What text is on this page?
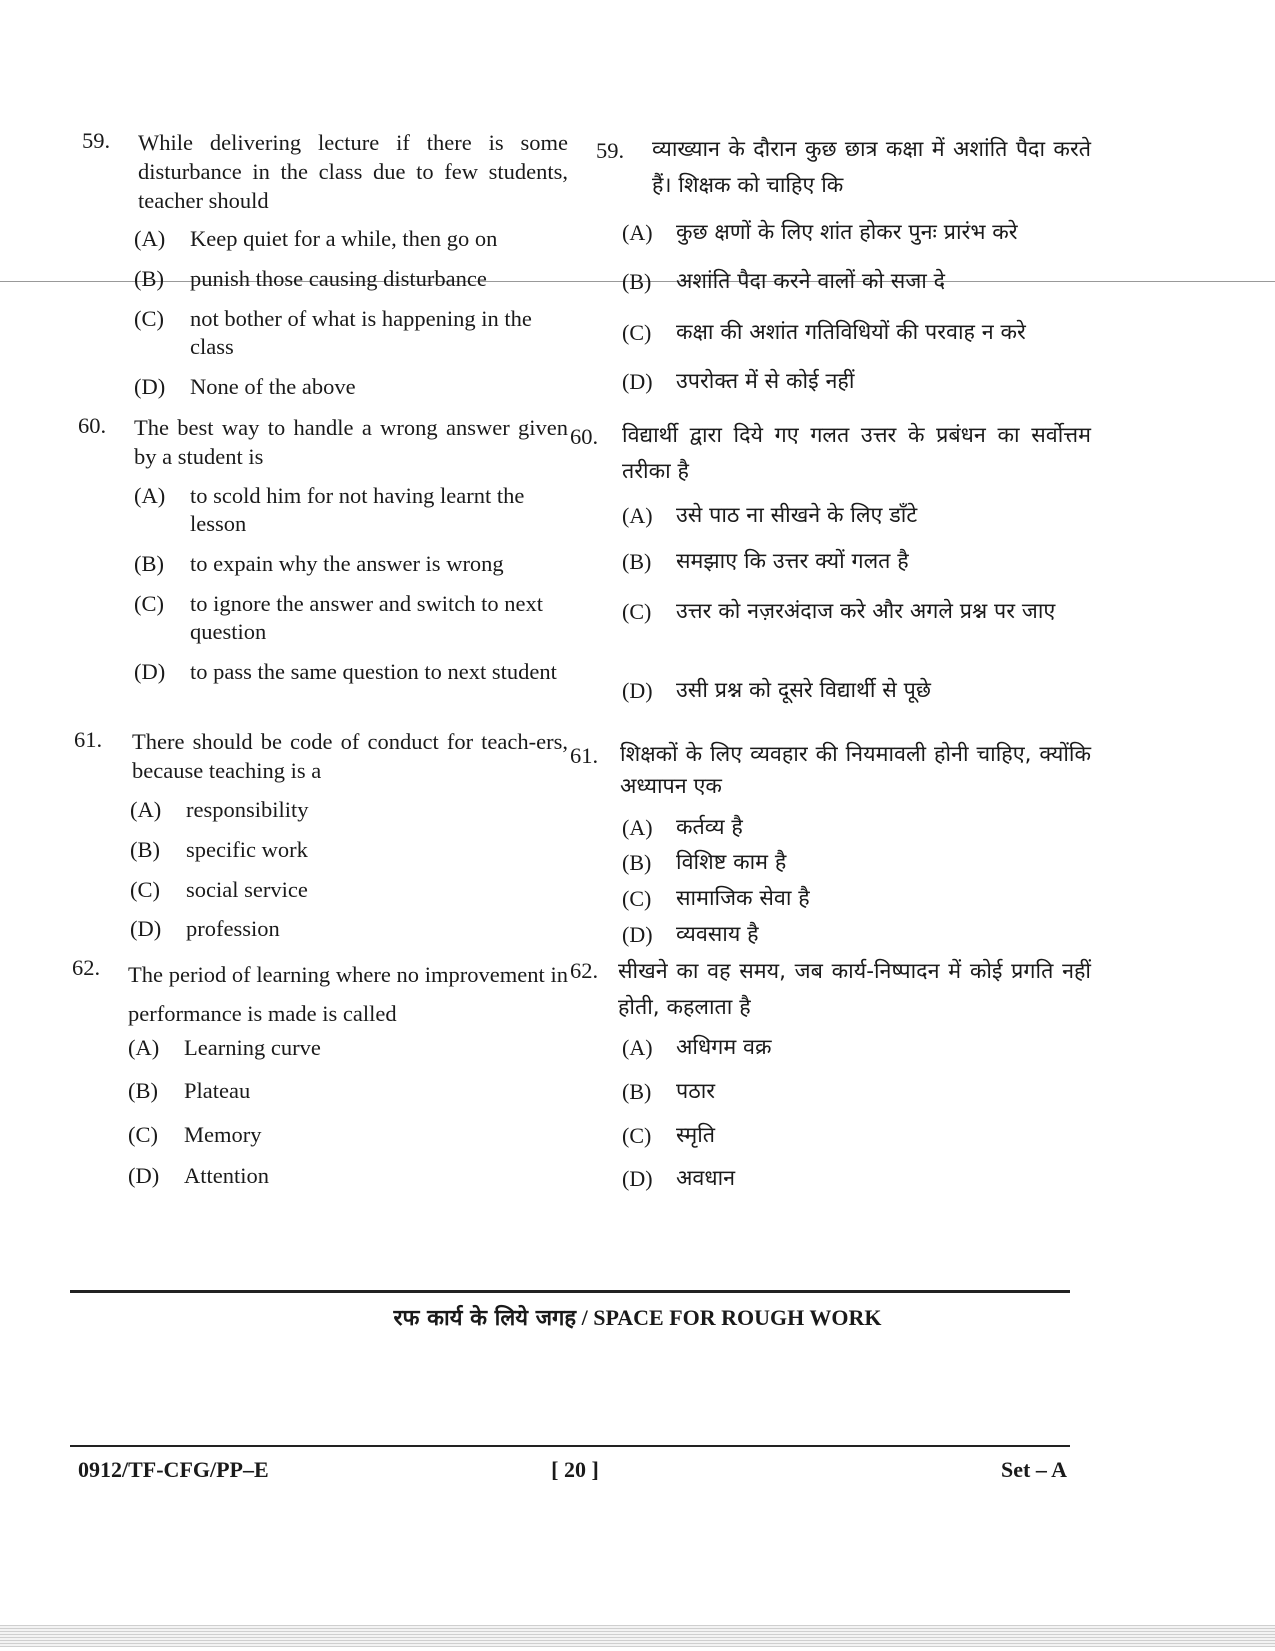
59.	While delivering lecture if there is some disturbance in the class due to few students, teacher should
(A)	Keep quiet for a while, then go on
(B)	punish those causing disturbance
(C)	not bother of what is happening in the class
(D)	None of the above
60.	The best way to handle a wrong answer given by a student is
(A)	to scold him for not having learnt the lesson
(B)	to expain why the answer is wrong
(C)	to ignore the answer and switch to next question
(D)	to pass the same question to next student
61.	There should be code of conduct for teach-ers, because teaching is a
(A)	responsibility
(B)	specific work
(C)	social service
(D)	profession
62.	The period of learning where no improvement in performance is made is called
(A)	Learning curve
(B)	Plateau
(C)	Memory
(D)	Attention
59.	व्याख्यान के दौरान कुछ छात्र कक्षा में अशांति पैदा करते हैं। शिक्षक को चाहिए कि
(A)	कुछ क्षणों के लिए शांत होकर पुनः प्रारंभ करे
(B)	अशांति पैदा करने वालों को सजा दे
(C)	कक्षा की अशांत गतिविधियों की परवाह न करे
(D)	उपरोक्त में से कोई नहीं
60.	विद्यार्थी द्वारा दिये गए गलत उत्तर के प्रबंधन का सर्वोत्तम तरीका है
(A)	उसे पाठ ना सीखने के लिए डाँटे
(B)	समझाए कि उत्तर क्यों गलत है
(C)	उत्तर को नज़रअंदाज करे और अगले प्रश्न पर जाए
(D)	उसी प्रश्न को दूसरे विद्यार्थी से पूछे
61.	शिक्षकों के लिए व्यवहार की नियमावली होनी चाहिए, क्योंकि अध्यापन एक
(A)	कर्तव्य है
(B)	विशिष्ट काम है
(C)	सामाजिक सेवा है
(D)	व्यवसाय है
62. सीखने का वह समय, जब कार्य-निष्पादन में कोई प्रगति नहीं होती, कहलाता है
(A)	अधिगम वक्र
(B)	पठार
(C)	स्मृति
(D)	अवधान
रफ कार्य के लिये जगह / SPACE FOR ROUGH WORK
0912/TF-CFG/PP–E	[ 20 ]	Set – A
